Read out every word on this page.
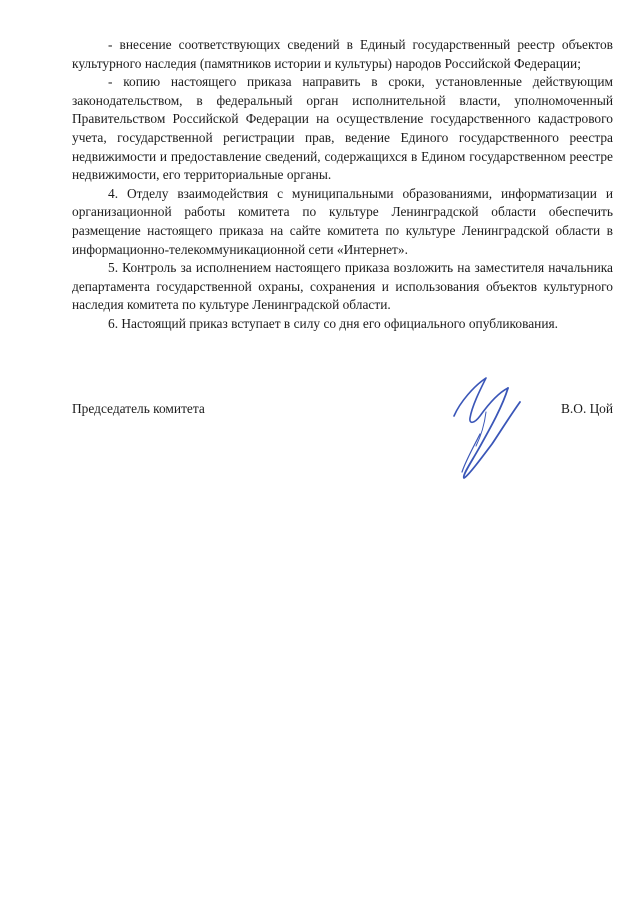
- внесение соответствующих сведений в Единый государственный реестр объектов культурного наследия (памятников истории и культуры) народов Российской Федерации;

- копию настоящего приказа направить в сроки, установленные действующим законодательством, в федеральный орган исполнительной власти, уполномоченный Правительством Российской Федерации на осуществление государственного кадастрового учета, государственной регистрации прав, ведение Единого государственного реестра недвижимости и предоставление сведений, содержащихся в Едином государственном реестре недвижимости, его территориальные органы.

4. Отделу взаимодействия с муниципальными образованиями, информатизации и организационной работы комитета по культуре Ленинградской области обеспечить размещение настоящего приказа на сайте комитета по культуре Ленинградской области в информационно-телекоммуникационной сети «Интернет».

5. Контроль за исполнением настоящего приказа возложить на заместителя начальника департамента государственной охраны, сохранения и использования объектов культурного наследия комитета по культуре Ленинградской области.

6. Настоящий приказ вступает в силу со дня его официального опубликования.

Председатель комитета	В.О. Цой
